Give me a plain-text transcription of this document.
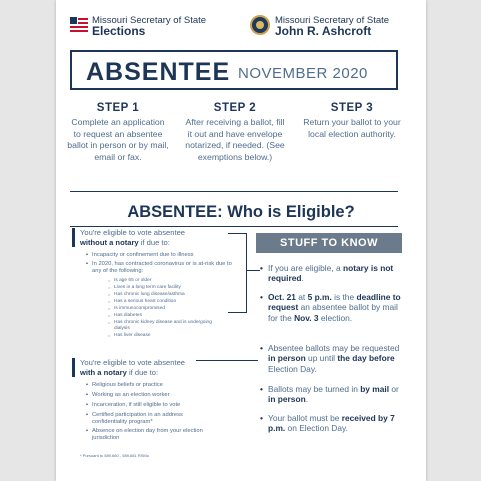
Missouri Secretary of State
Elections
Missouri Secretary of State
John R. Ashcroft
ABSENTEE NOVEMBER 2020
STEP 1
Complete an application to request an absentee ballot in person or by mail, email or fax.
STEP 2
After receiving a ballot, fill it out and have envelope notarized, if needed. (See exemptions below.)
STEP 3
Return your ballot to your local election authority.
ABSENTEE: Who is Eligible?
You're eligible to vote absentee
without a notary if due to:
• Incapacity or confinement due to illness
• In 2020, has contracted coronavirus or is at-risk due to any of the following:
○ Is age 65 or older
○ Lives in a long term care facility
○ Has chronic lung disease/asthma
○ Has a serious heart condition
○ Is immunocompromised
○ Has diabetes
○ Has chronic kidney disease and is undergoing dialysis
○ Has liver disease
You're eligible to vote absentee
with a notary if due to:
• Religious beliefs or practice
• Working as an election worker
• Incarceration, if still eligible to vote
• Certified participation in an address confidentiality program*
• Absence on election day from your election jurisdiction
* Pursuant to 589.660 - 589.681 RSMo
STUFF TO KNOW
• If you are eligible, a notary is not required.
• Oct. 21 at 5 p.m. is the deadline to request an absentee ballot by mail for the Nov. 3 election.
• Absentee ballots may be requested in person up until the day before Election Day.
• Ballots may be turned in by mail or in person.
• Your ballot must be received by 7 p.m. on Election Day.
